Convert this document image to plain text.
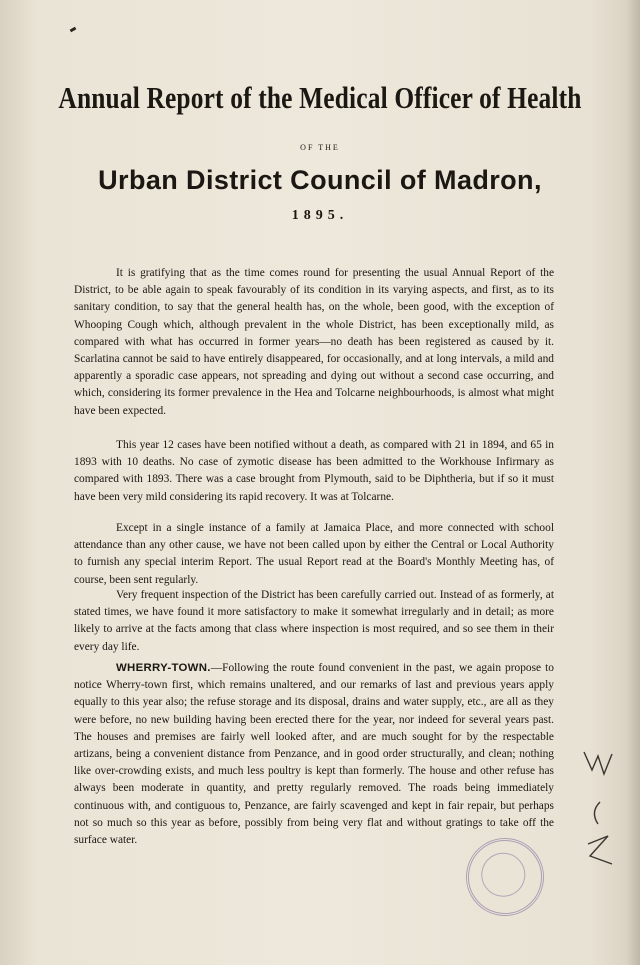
Annual Report of the Medical Officer of Health
OF THE
Urban District Council of Madron,
1895.
It is gratifying that as the time comes round for presenting the usual Annual Report of the District, to be able again to speak favourably of its condition in its varying aspects, and first, as to its sanitary condition, to say that the general health has, on the whole, been good, with the exception of Whooping Cough which, although prevalent in the whole District, has been exceptionally mild, as compared with what has occurred in former years—no death has been registered as caused by it. Scarlatina cannot be said to have entirely disappeared, for occasionally, and at long intervals, a mild and apparently a sporadic case appears, not spreading and dying out without a second case occurring, and which, considering its former prevalence in the Hea and Tolcarne neighbourhoods, is almost what might have been expected.
This year 12 cases have been notified without a death, as compared with 21 in 1894, and 65 in 1893 with 10 deaths. No case of zymotic disease has been admitted to the Workhouse Infirmary as compared with 1893. There was a case brought from Plymouth, said to be Diphtheria, but if so it must have been very mild considering its rapid recovery. It was at Tolcarne.
Except in a single instance of a family at Jamaica Place, and more connected with school attendance than any other cause, we have not been called upon by either the Central or Local Authority to furnish any special interim Report. The usual Report read at the Board's Monthly Meeting has, of course, been sent regularly.
Very frequent inspection of the District has been carefully carried out. Instead of as formerly, at stated times, we have found it more satisfactory to make it somewhat irregularly and in detail; as more likely to arrive at the facts among that class where inspection is most required, and so see them in their every day life.
WHERRY-TOWN.—Following the route found convenient in the past, we again propose to notice Wherry-town first, which remains unaltered, and our remarks of last and previous years apply equally to this year also; the refuse storage and its disposal, drains and water supply, etc., are all as they were before, no new building having been erected there for the year, nor indeed for several years past. The houses and premises are fairly well looked after, and are much sought for by the respectable artizans, being a convenient distance from Penzance, and in good order structurally, and clean; nothing like over-crowding exists, and much less poultry is kept than formerly. The house and other refuse has always been moderate in quantity, and pretty regularly removed. The roads being immediately continuous with, and contiguous to, Penzance, are fairly scavenged and kept in fair repair, but perhaps not so much so this year as before, possibly from being very flat and without gratings to take off the surface water.
